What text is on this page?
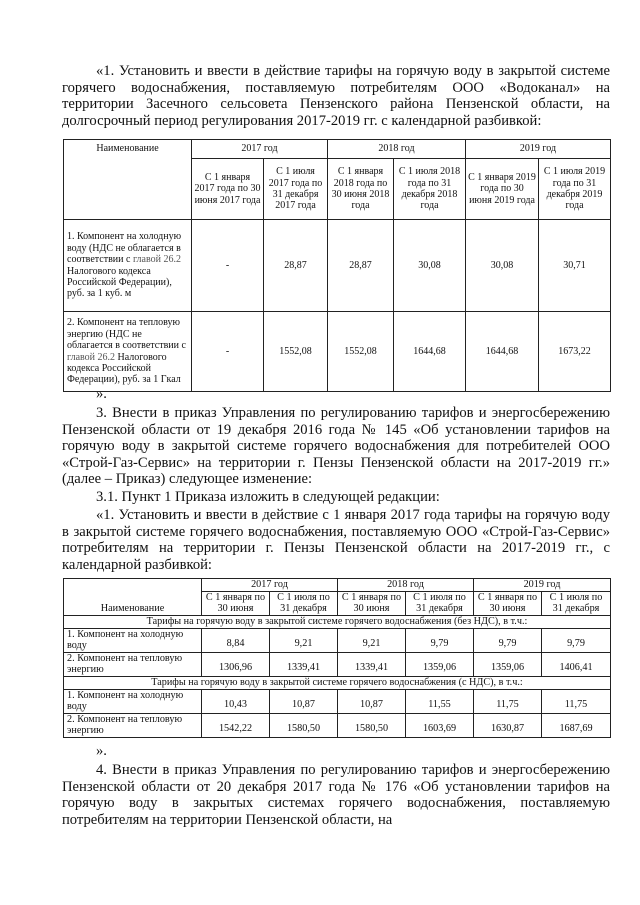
«1. Установить и ввести в действие тарифы на горячую воду в закрытой системе горячего водоснабжения, поставляемую потребителям ООО «Водоканал» на территории Засечного сельсовета Пензенского района Пензенской области, на долгосрочный период регулирования 2017-2019 гг. с календарной разбивкой:

Наименование	2017 год		2018 год		2019 год	
	С 1 января 2017 года по 30 июня 2017 года	С 1 июля 2017 года по 31 декабря 2017 года	С 1 января 2018 года по 30 июня 2018 года	С 1 июля 2018 года по 31 декабря 2018 года	С 1 января 2019 года по 30 июня 2019 года	С 1 июля 2019 года по 31 декабря 2019 года
1. Компонент на холодную воду (НДС не облагается в соответствии с главой 26.2 Налогового кодекса Российской Федерации), руб. за 1 куб. м	-	28,87	28,87	30,08	30,08	30,71
2. Компонент на тепловую энергию (НДС не облагается в соответствии с главой 26.2 Налогового кодекса Российской Федерации), руб. за 1 Гкал	-	1552,08	1552,08	1644,68	1644,68	1673,22
».

3. Внести в приказ Управления по регулированию тарифов и энергосбережению Пензенской области от 19 декабря 2016 года № 145 «Об установлении тарифов на горячую воду в закрытой системе горячего водоснабжения для потребителей ООО «Строй-Газ-Сервис» на территории г. Пензы Пензенской области на 2017-2019 гг.» (далее – Приказ) следующее изменение:

3.1. Пункт 1 Приказа изложить в следующей редакции:

«1. Установить и ввести в действие с 1 января 2017 года тарифы на горячую воду в закрытой системе горячего водоснабжения, поставляемую ООО «Строй-Газ-Сервис» потребителям на территории г. Пензы Пензенской области на 2017-2019 гг., с календарной разбивкой:

Наименование	2017 год		2018 год		2019 год	
	С 1 января по 30 июня	С 1 июля по 31 декабря	С 1 января по 30 июня	С 1 июля по 31 декабря	С 1 января по 30 июня	С 1 июля по 31 декабря
Тарифы на горячую воду в закрытой системе горячего водоснабжения (без НДС), в т.ч.:						
1. Компонент на холодную воду	8,84	9,21	9,21	9,79	9,79	9,79
2. Компонент на тепловую энергию	1306,96	1339,41	1339,41	1359,06	1359,06	1406,41
Тарифы на горячую воду в закрытой системе горячего водоснабжения (с НДС), в т.ч.:						
1. Компонент на холодную воду	10,43	10,87	10,87	11,55	11,75	11,75
2. Компонент на тепловую энергию	1542,22	1580,50	1580,50	1603,69	1630,87	1687,69
».

4. Внести в приказ Управления по регулированию тарифов и энергосбережению Пензенской области от 20 декабря 2017 года № 176 «Об установлении тарифов на горячую воду в закрытых системах горячего водоснабжения, поставляемую потребителям на территории Пензенской области, на
